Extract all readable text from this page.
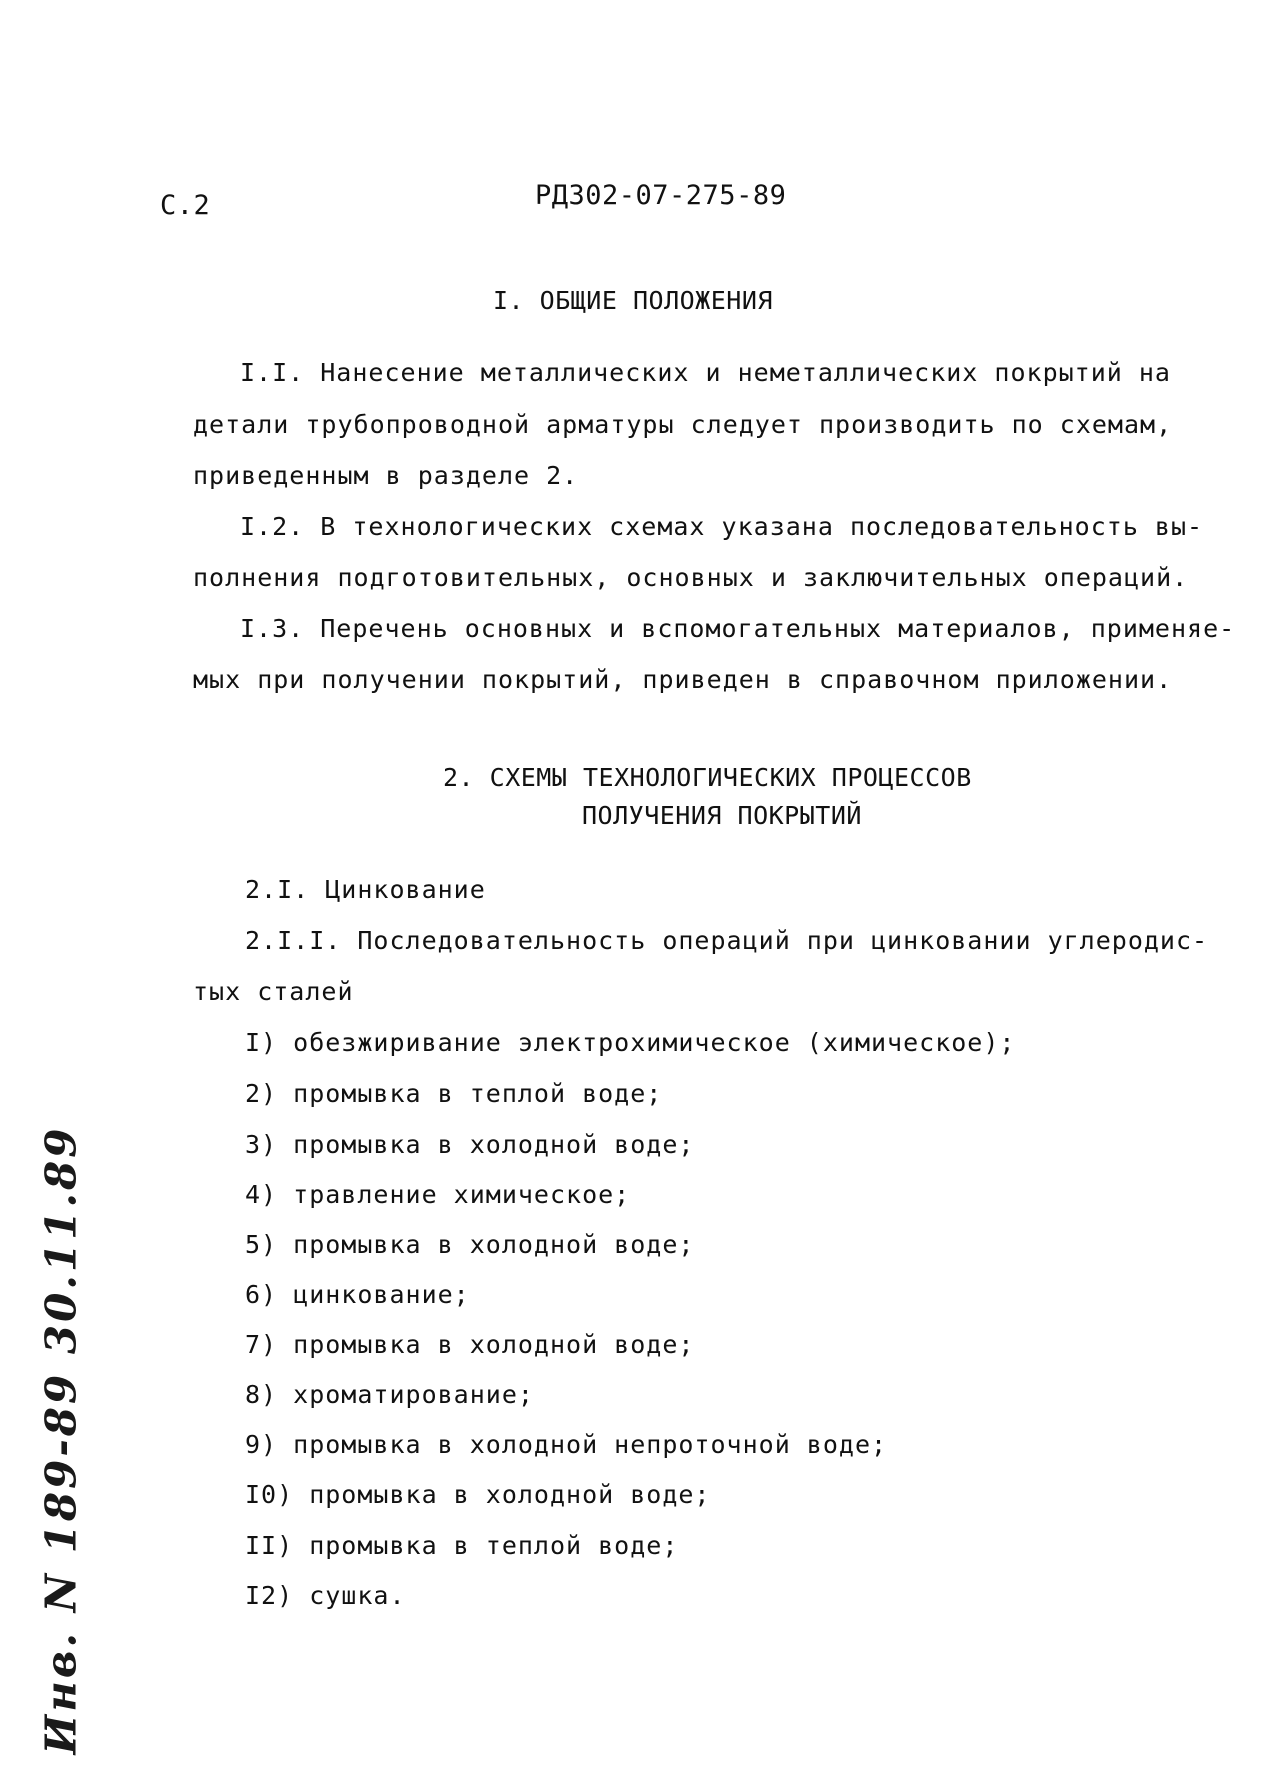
С.2	РД302-07-275-89
I. ОБЩИЕ ПОЛОЖЕНИЯ
I.I. Нанесение металлических и неметаллических покрытий на
детали трубопроводной арматуры следует производить по схемам,
приведенным в разделе 2.
I.2. В технологических схемах указана последовательность вы-
полнения подготовительных, основных и заключительных операций.
I.3. Перечень основных и вспомогательных материалов, применяе-
мых при получении покрытий, приведен в справочном приложении.
2. СХЕМЫ ТЕХНОЛОГИЧЕСКИХ ПРОЦЕССОВ
ПОЛУЧЕНИЯ ПОКРЫТИЙ
2.I. Цинкование
2.I.I. Последовательность операций при цинковании углеродис-
тых сталей
I) обезжиривание электрохимическое (химическое);
2) промывка в теплой воде;
3) промывка в холодной воде;
4) травление химическое;
5) промывка в холодной воде;
6) цинкование;
7) промывка в холодной воде;
8) хроматирование;
9) промывка в холодной непроточной воде;
I0) промывка в холодной воде;
II) промывка в теплой воде;
I2) сушка.
Инв. N 189-89 30.11.89
